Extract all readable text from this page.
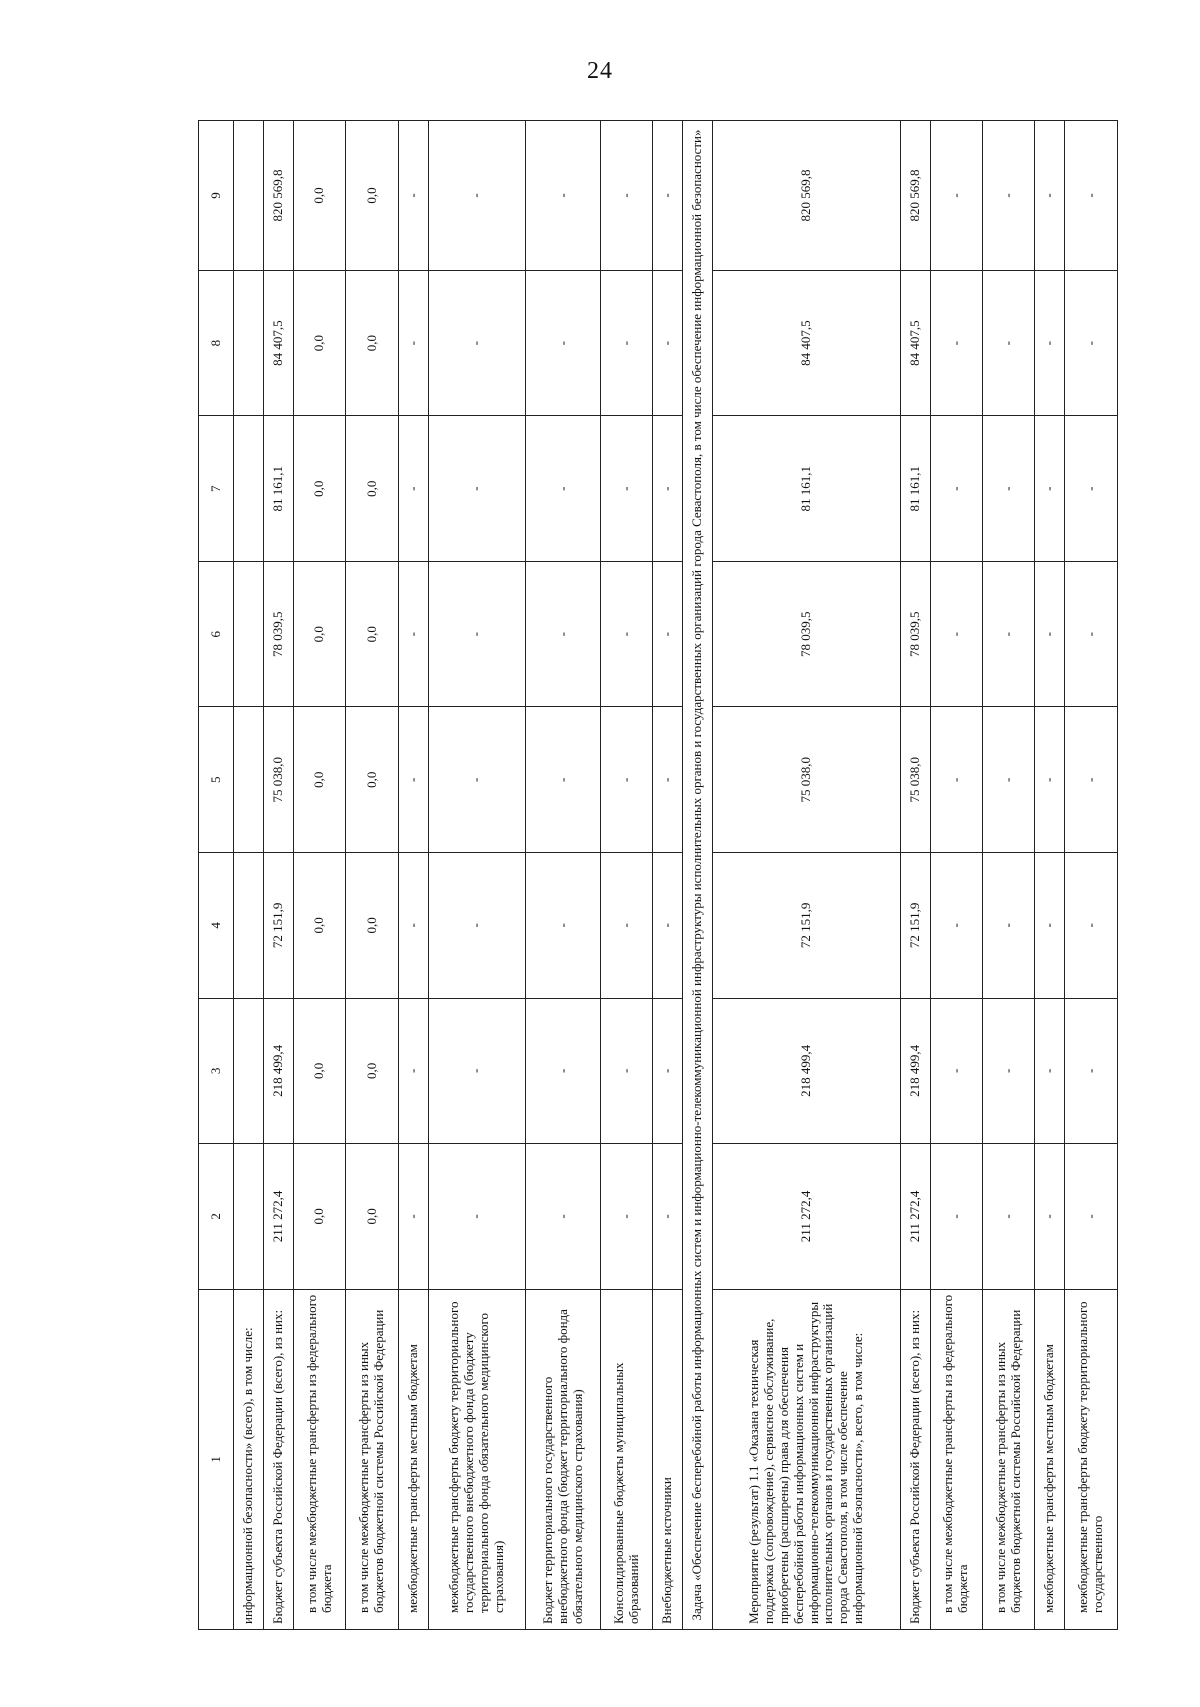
24
1	2	3	4	5	6	7	8	9
информационной безопасности» (всего), в том числе:								
Бюджет субъекта Российской Федерации (всего), из них:	211 272,4	218 499,4	72 151,9	75 038,0	78 039,5	81 161,1	84 407,5	820 569,8
в том числе межбюджетные трансферты из федерального бюджета	0,0	0,0	0,0	0,0	0,0	0,0	0,0	0,0
в том числе межбюджетные трансферты из иных бюджетов бюджетной системы Российской Федерации	0,0	0,0	0,0	0,0	0,0	0,0	0,0	0,0
межбюджетные трансферты местным бюджетам	-	-	-	-	-	-	-	-
межбюджетные трансферты бюджету территориального государственного внебюджетного фонда (бюджету территориального фонда обязательного медицинского страхования)	-	-	-	-	-	-	-	-
Бюджет территориального государственного внебюджетного фонда (бюджет территориального фонда обязательного медицинского страхования)	-	-	-	-	-	-	-	-
Консолидированные бюджеты муниципальных образований	-	-	-	-	-	-	-	-
Внебюджетные источники	-	-	-	-	-	-	-	-
Задача «Обеспечение бесперебойной работы информационных систем и информационно-телекоммуникационной инфраструктуры исполнительных органов и государственных организаций города Севастополя, в том числе обеспечение информационной безопасности»								
Мероприятие (результат) 1.1 «Оказана техническая поддержка (сопровождение), сервисное обслуживание, приобретены (расширены) права для обеспечения бесперебойной работы информационных систем и информационно-телекоммуникационной инфраструктуры исполнительных органов и государственных организаций города Севастополя, в том числе обеспечение информационной безопасности», всего, в том числе:	211 272,4	218 499,4	72 151,9	75 038,0	78 039,5	81 161,1	84 407,5	820 569,8
Бюджет субъекта Российской Федерации (всего), из них:	211 272,4	218 499,4	72 151,9	75 038,0	78 039,5	81 161,1	84 407,5	820 569,8
в том числе межбюджетные трансферты из федерального бюджета	-	-	-	-	-	-	-	-
в том числе межбюджетные трансферты из иных бюджетов бюджетной системы Российской Федерации	-	-	-	-	-	-	-	-
межбюджетные трансферты местным бюджетам	-	-	-	-	-	-	-	-
межбюджетные трансферты бюджету территориального государственного	-	-	-	-	-	-	-	-
